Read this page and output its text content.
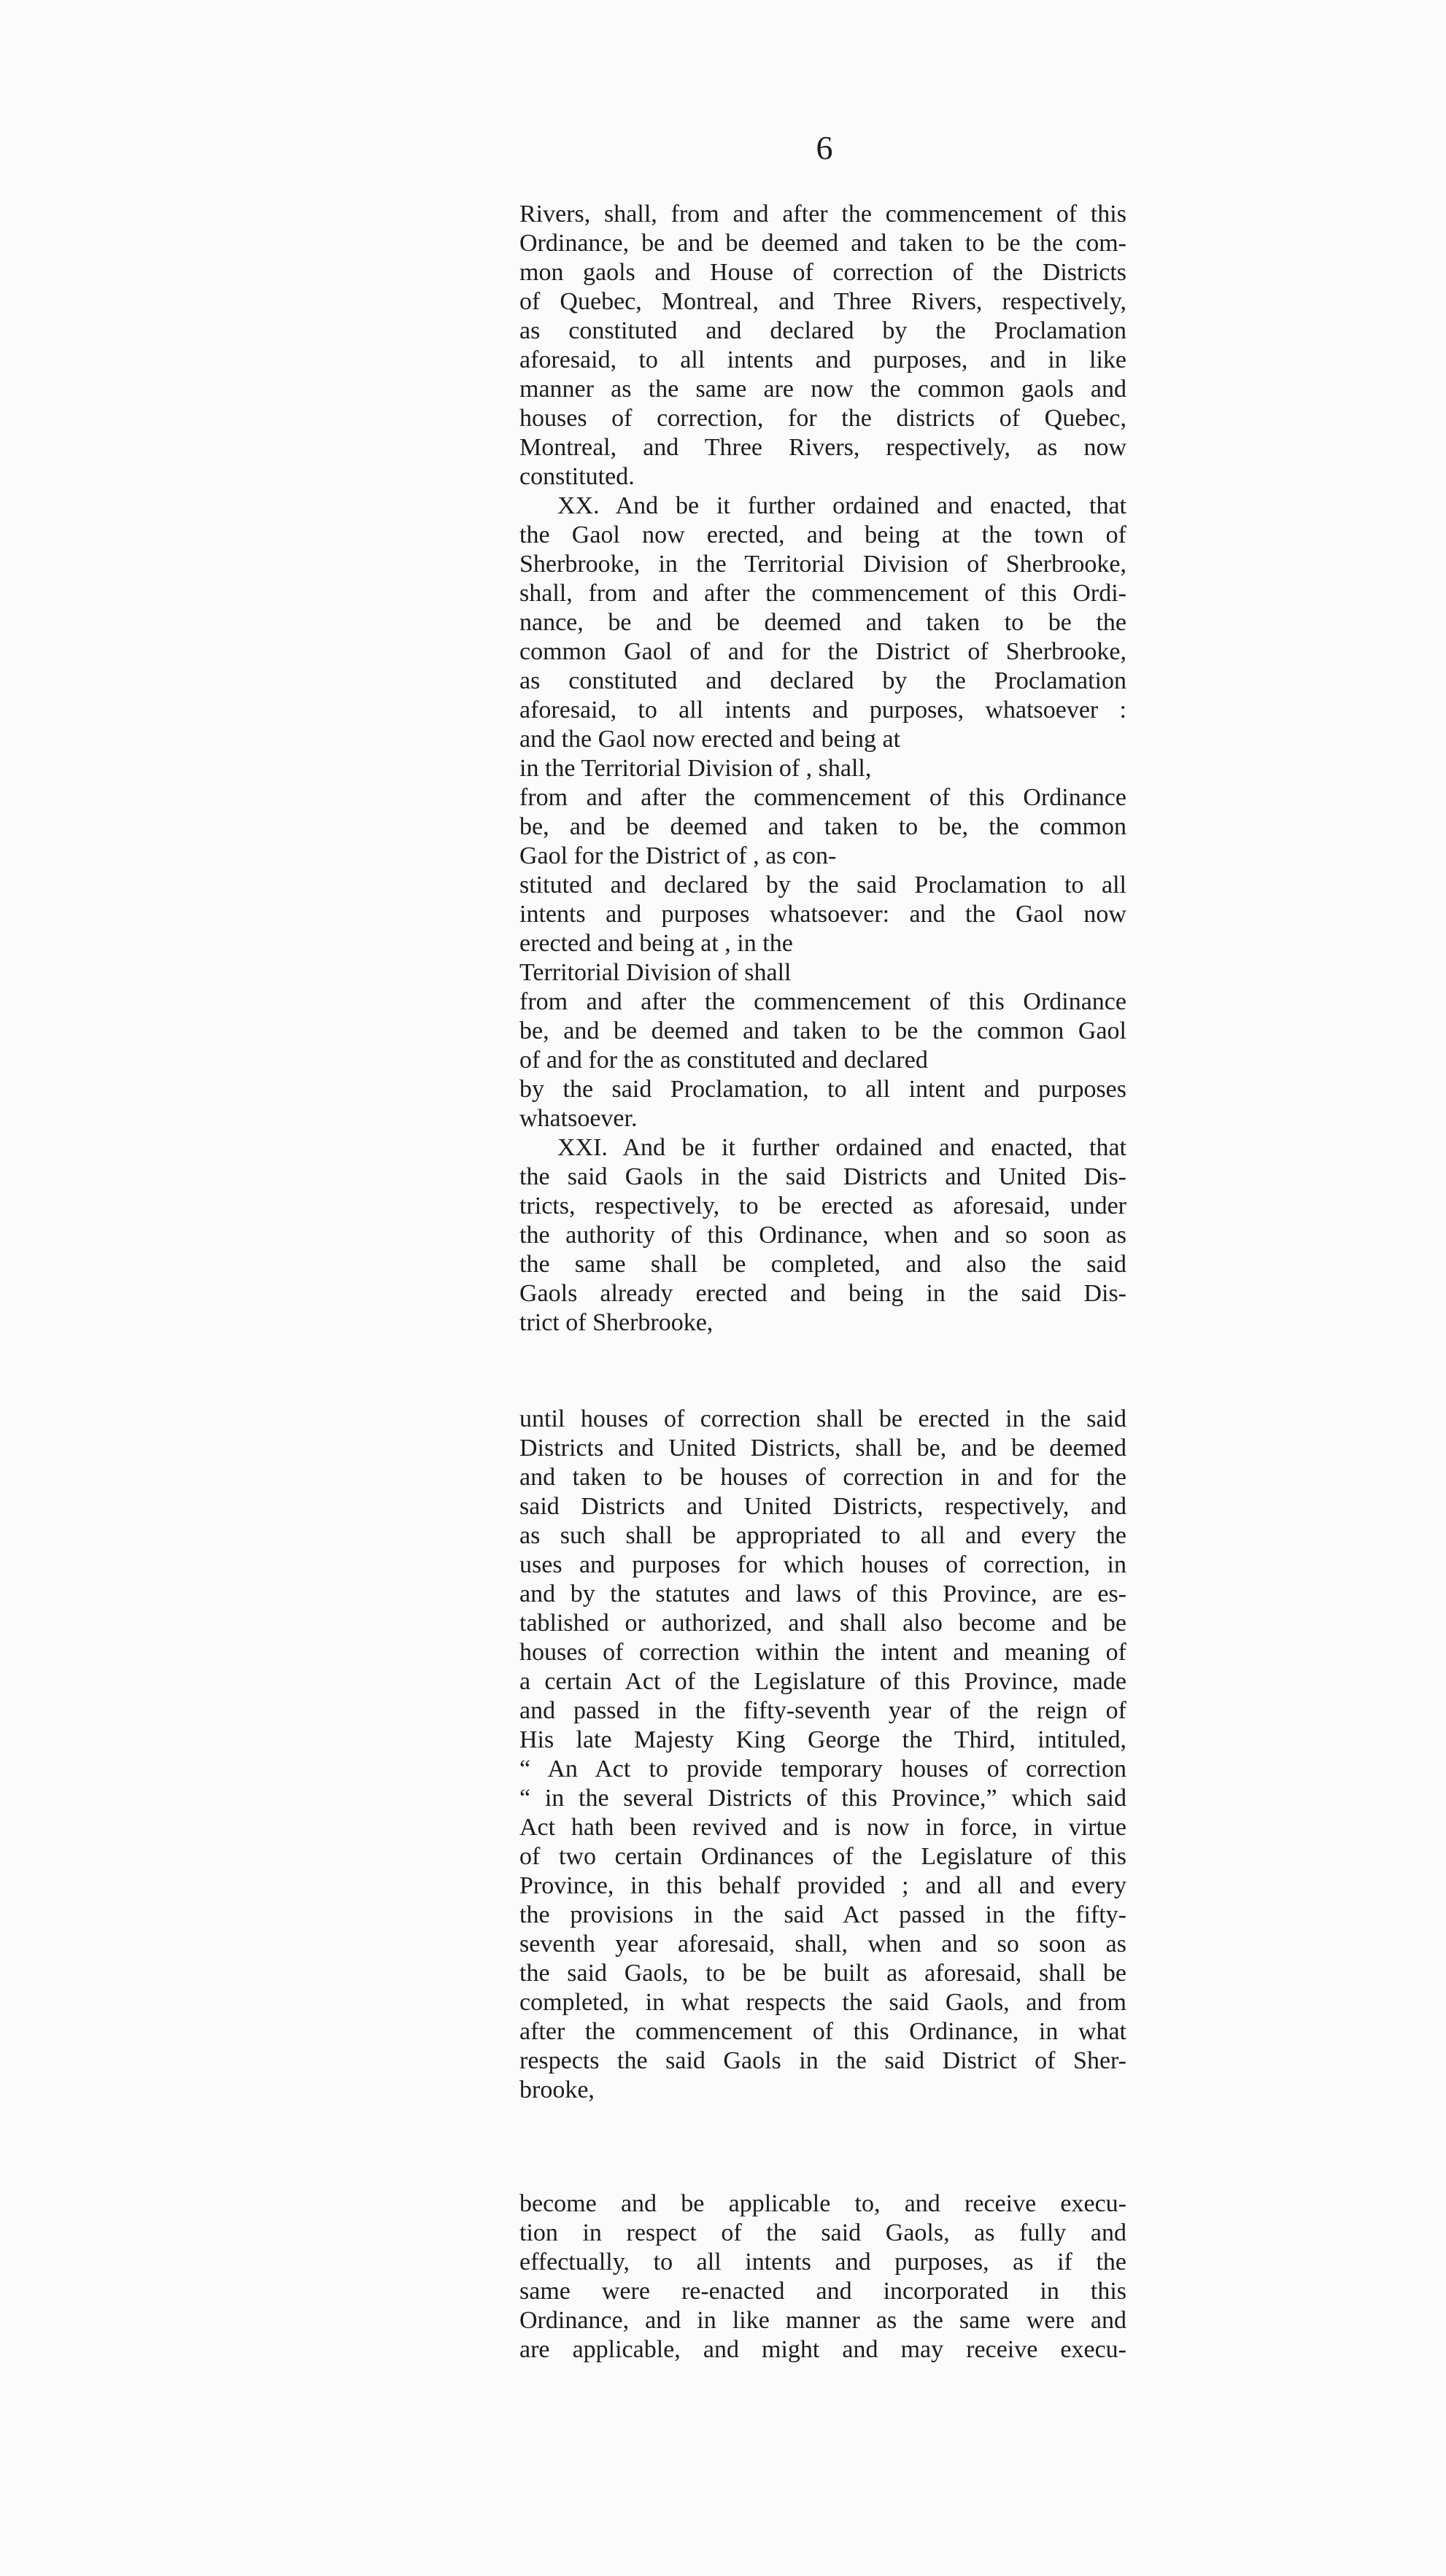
6
Rivers, shall, from and after the commencement of this
Ordinance, be and be deemed and taken to be the com-
mon gaols and House of correction of the Districts
of Quebec, Montreal, and Three Rivers, respectively,
as constituted and declared by the Proclamation
aforesaid, to all intents and purposes, and in like
manner as the same are now the common gaols and
houses of correction, for the districts of Quebec,
Montreal, and Three Rivers, respectively, as now
constituted.
XX. And be it further ordained and enacted, that
the Gaol now erected, and being at the town of
Sherbrooke, in the Territorial Division of Sherbrooke,
shall, from and after the commencement of this Ordi-
nance, be and be deemed and taken to be the
common Gaol of and for the District of Sherbrooke,
as constituted and declared by the Proclamation
aforesaid, to all intents and purposes, whatsoever :
and the Gaol now erected and being at
in the Territorial Division of , shall,
from and after the commencement of this Ordinance
be, and be deemed and taken to be, the common
Gaol for the District of , as con-
stituted and declared by the said Proclamation to all
intents and purposes whatsoever: and the Gaol now
erected and being at , in the
Territorial Division of shall
from and after the commencement of this Ordinance
be, and be deemed and taken to be the common Gaol
of and for the as constituted and declared
by the said Proclamation, to all intent and purposes
whatsoever.
XXI. And be it further ordained and enacted, that
the said Gaols in the said Districts and United Dis-
tricts, respectively, to be erected as aforesaid, under
the authority of this Ordinance, when and so soon as
the same shall be completed, and also the said
Gaols already erected and being in the said Dis-
trict of Sherbrooke,
until houses of correction shall be erected in the said
Districts and United Districts, shall be, and be deemed
and taken to be houses of correction in and for the
said Districts and United Districts, respectively, and
as such shall be appropriated to all and every the
uses and purposes for which houses of correction, in
and by the statutes and laws of this Province, are es-
tablished or authorized, and shall also become and be
houses of correction within the intent and meaning of
a certain Act of the Legislature of this Province, made
and passed in the fifty-seventh year of the reign of
His late Majesty King George the Third, intituled,
“ An Act to provide temporary houses of correction
“ in the several Districts of this Province,” which said
Act hath been revived and is now in force, in virtue
of two certain Ordinances of the Legislature of this
Province, in this behalf provided ; and all and every
the provisions in the said Act passed in the fifty-
seventh year aforesaid, shall, when and so soon as
the said Gaols, to be be built as aforesaid, shall be
completed, in what respects the said Gaols, and from
after the commencement of this Ordinance, in what
respects the said Gaols in the said District of Sher-
brooke,
become and be applicable to, and receive execu-
tion in respect of the said Gaols, as fully and
effectually, to all intents and purposes, as if the
same were re-enacted and incorporated in this
Ordinance, and in like manner as the same were and
are applicable, and might and may receive execu-
